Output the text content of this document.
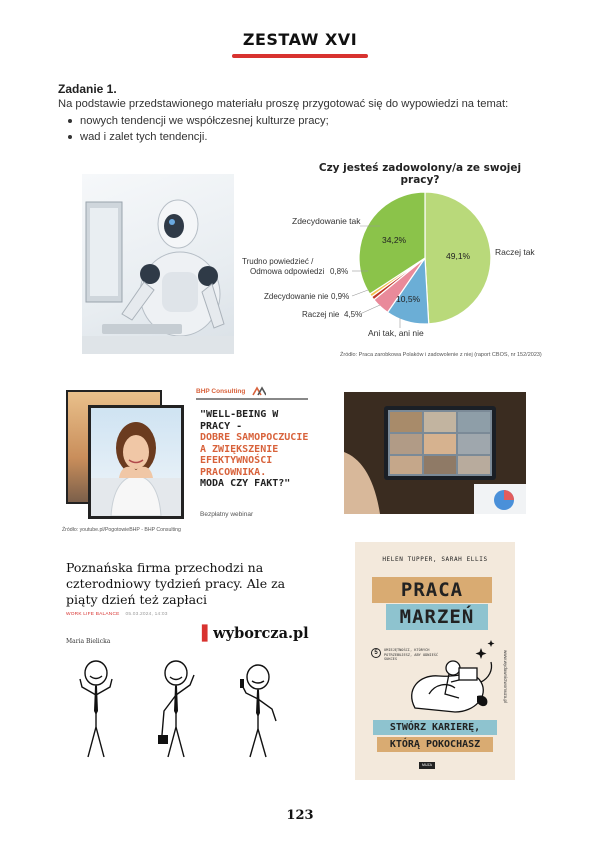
ZESTAW XVI
Zadanie 1.
Na podstawie przedstawionego materiału proszę przygotować się do wypowiedzi na temat:
nowych tendencji we współczesnej kulturze pracy;
wad i zalet tych tendencji.
Czy jesteś zadowolony/a ze swojej pracy?
49,1%
34,2%
10,5%
Raczej tak
Zdecydowanie tak
Trudno powiedzieć /
Odmowa odpowiedzi 0,8%
Zdecydowanie nie 0,9%
Raczej nie 4,5%
Ani tak, ani nie
Źródło: Praca zarobkowa Polaków i zadowolenie z niej (raport CBOS, nr 152/2023)
BHP Consulting
"WELL-BEING W PRACY -
DOBRE SAMOPOCZUCIE A ZWIĘKSZENIE EFEKTYWNOŚCI PRACOWNIKA.
MODA CZY FAKT?"
Bezpłatny webinar
Źródło: youtube.pl/PogotowieBHP - BHP Consulting
Poznańska firma przechodzi na czterodniowy tydzień pracy. Ale za piąty dzień też zapłaci
WORK LIFE BALANCE 05.03.2024, 14:03
▌wyborcza.pl
Maria Bielicka
HELEN TUPPER, SARAH ELLIS
PRACA
MARZEŃ
5	UMIEJĘTNOŚCI, KTÓRYCH POTRZEBUJESZ, ABY ODNIEŚĆ SUKCES
STWÓRZ KARIERĘ,
KTÓRĄ POKOCHASZ
MUZA
www.wydawnictwomuza.pl
123
